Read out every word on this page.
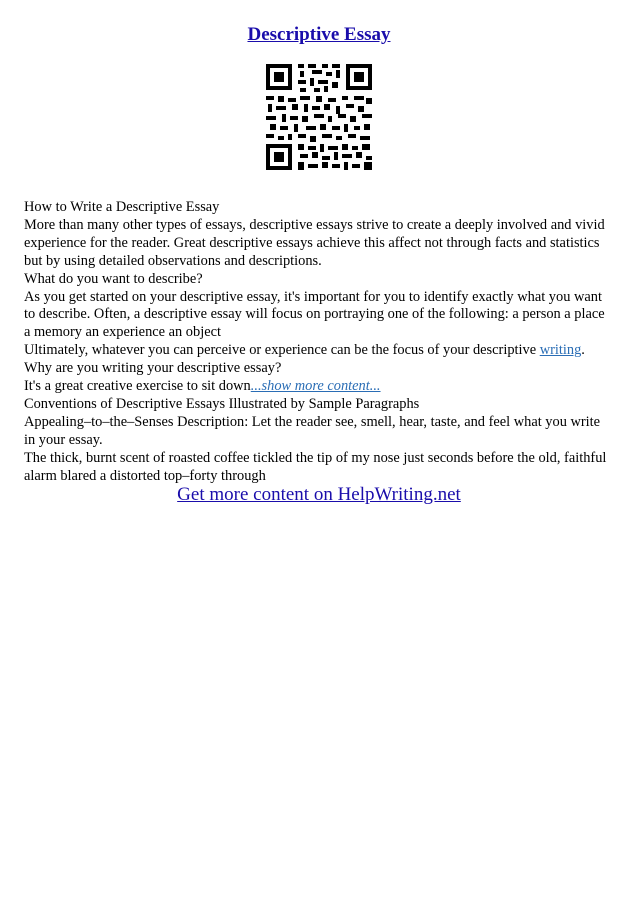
Descriptive Essay

How to Write a Descriptive Essay

More than many other types of essays, descriptive essays strive to create a deeply involved and vivid experience for the reader. Great descriptive essays achieve this affect not through facts and statistics but by using detailed observations and descriptions.

What do you want to describe?

As you get started on your descriptive essay, it's important for you to identify exactly what you want to describe. Often, a descriptive essay will focus on portraying one of the following: a person a place a memory an experience an object

Ultimately, whatever you can perceive or experience can be the focus of your descriptive writing.

Why are you writing your descriptive essay?

It's a great creative exercise to sit down...show more content...

Conventions of Descriptive Essays Illustrated by Sample Paragraphs

Appealing–to–the–Senses Description: Let the reader see, smell, hear, taste, and feel what you write in your essay.

The thick, burnt scent of roasted coffee tickled the tip of my nose just seconds before the old, faithful alarm blared a distorted top–forty through

Get more content on HelpWriting.net
